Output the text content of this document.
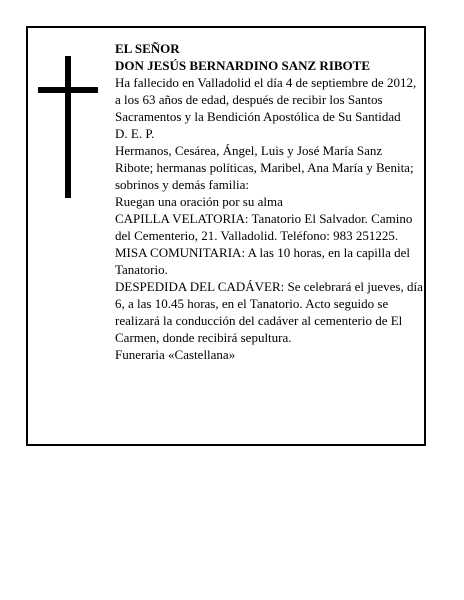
EL SEÑOR

DON JESÚS BERNARDINO SANZ RIBOTE

Ha fallecido en Valladolid el día 4 de septiembre de 2012, a los 63 años de edad, después de recibir los Santos Sacramentos y la Bendición Apostólica de Su Santidad

D. E. P.

Hermanos, Cesárea, Ángel, Luis y José María Sanz Ribote; hermanas políticas, Maribel, Ana María y Benita; sobrinos y demás familia:

Ruegan una oración por su alma

CAPILLA VELATORIA: Tanatorio El Salvador. Camino del Cementerio, 21. Valladolid. Teléfono: 983 251225.

MISA COMUNITARIA: A las 10 horas, en la capilla del Tanatorio.

DESPEDIDA DEL CADÁVER: Se celebrará el jueves, día 6, a las 10.45 horas, en el Tanatorio. Acto seguido se realizará la conducción del cadáver al cementerio de El Carmen, donde recibirá sepultura.

Funeraria «Castellana»
